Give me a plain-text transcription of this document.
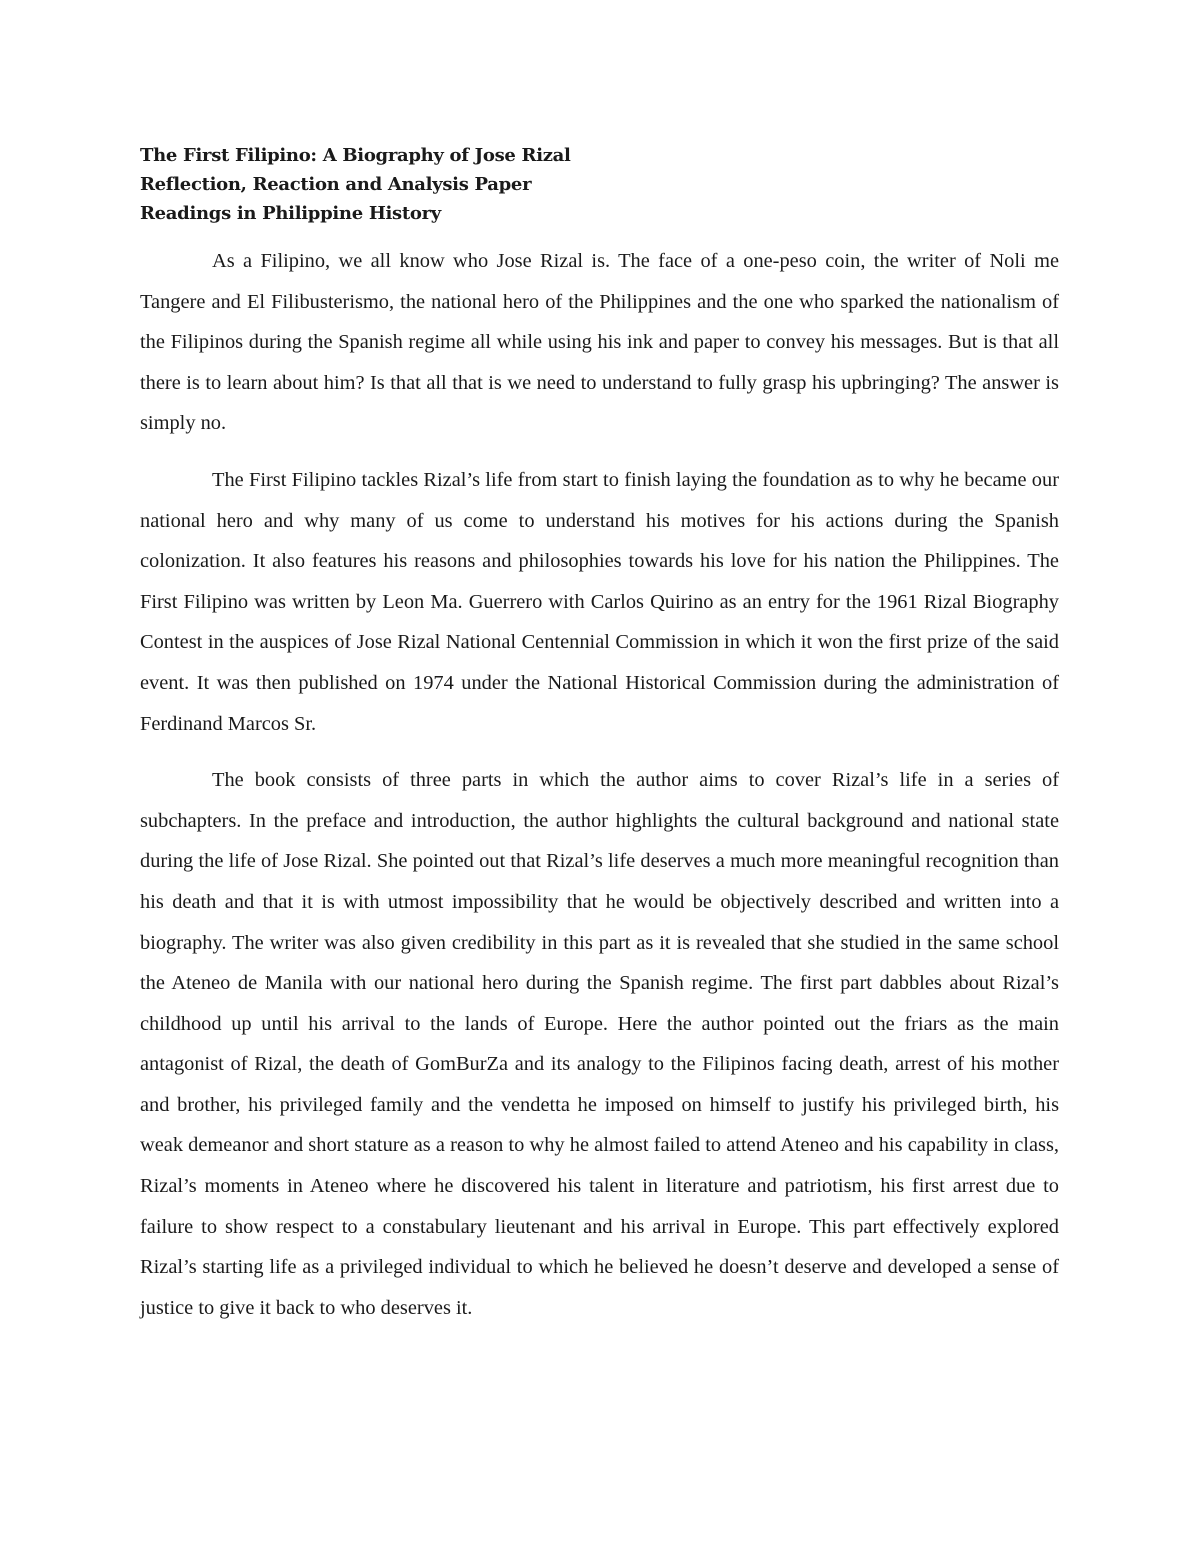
The First Filipino: A Biography of Jose Rizal
Reflection, Reaction and Analysis Paper
Readings in Philippine History

As a Filipino, we all know who Jose Rizal is. The face of a one-peso coin, the writer of Noli me Tangere and El Filibusterismo, the national hero of the Philippines and the one who sparked the nationalism of the Filipinos during the Spanish regime all while using his ink and paper to convey his messages. But is that all there is to learn about him? Is that all that is we need to understand to fully grasp his upbringing? The answer is simply no.

The First Filipino tackles Rizal’s life from start to finish laying the foundation as to why he became our national hero and why many of us come to understand his motives for his actions during the Spanish colonization. It also features his reasons and philosophies towards his love for his nation the Philippines. The First Filipino was written by Leon Ma. Guerrero with Carlos Quirino as an entry for the 1961 Rizal Biography Contest in the auspices of Jose Rizal National Centennial Commission in which it won the first prize of the said event. It was then published on 1974 under the National Historical Commission during the administration of Ferdinand Marcos Sr.

The book consists of three parts in which the author aims to cover Rizal’s life in a series of subchapters. In the preface and introduction, the author highlights the cultural background and national state during the life of Jose Rizal. She pointed out that Rizal’s life deserves a much more meaningful recognition than his death and that it is with utmost impossibility that he would be objectively described and written into a biography. The writer was also given credibility in this part as it is revealed that she studied in the same school the Ateneo de Manila with our national hero during the Spanish regime. The first part dabbles about Rizal’s childhood up until his arrival to the lands of Europe. Here the author pointed out the friars as the main antagonist of Rizal, the death of GomBurZa and its analogy to the Filipinos facing death, arrest of his mother and brother, his privileged family and the vendetta he imposed on himself to justify his privileged birth, his weak demeanor and short stature as a reason to why he almost failed to attend Ateneo and his capability in class, Rizal’s moments in Ateneo where he discovered his talent in literature and patriotism, his first arrest due to failure to show respect to a constabulary lieutenant and his arrival in Europe. This part effectively explored Rizal’s starting life as a privileged individual to which he believed he doesn’t deserve and developed a sense of justice to give it back to who deserves it.
